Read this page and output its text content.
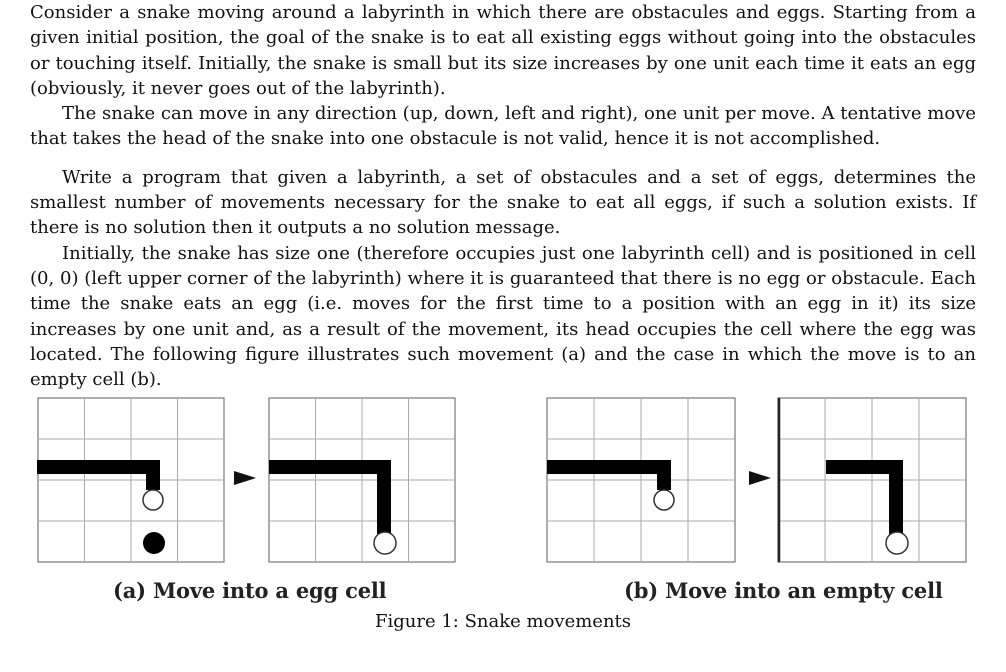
Consider a snake moving around a labyrinth in which there are obstacules and eggs. Starting from a given initial position, the goal of the snake is to eat all existing eggs without going into the obstacules or touching itself. Initially, the snake is small but its size increases by one unit each time it eats an egg (obviously, it never goes out of the labyrinth).

The snake can move in any direction (up, down, left and right), one unit per move. A tentative move that takes the head of the snake into one obstacule is not valid, hence it is not accomplished.

Write a program that given a labyrinth, a set of obstacules and a set of eggs, determines the smallest number of movements necessary for the snake to eat all eggs, if such a solution exists. If there is no solution then it outputs a no solution message.

Initially, the snake has size one (therefore occupies just one labyrinth cell) and is positioned in cell (0, 0) (left upper corner of the labyrinth) where it is guaranteed that there is no egg or obstacule. Each time the snake eats an egg (i.e. moves for the first time to a position with an egg in it) its size increases by one unit and, as a result of the movement, its head occupies the cell where the egg was located. The following figure illustrates such movement (a) and the case in which the move is to an empty cell (b).

(a) Move into a egg cell	(b) Move into an empty cell
Figure 1: Snake movements
